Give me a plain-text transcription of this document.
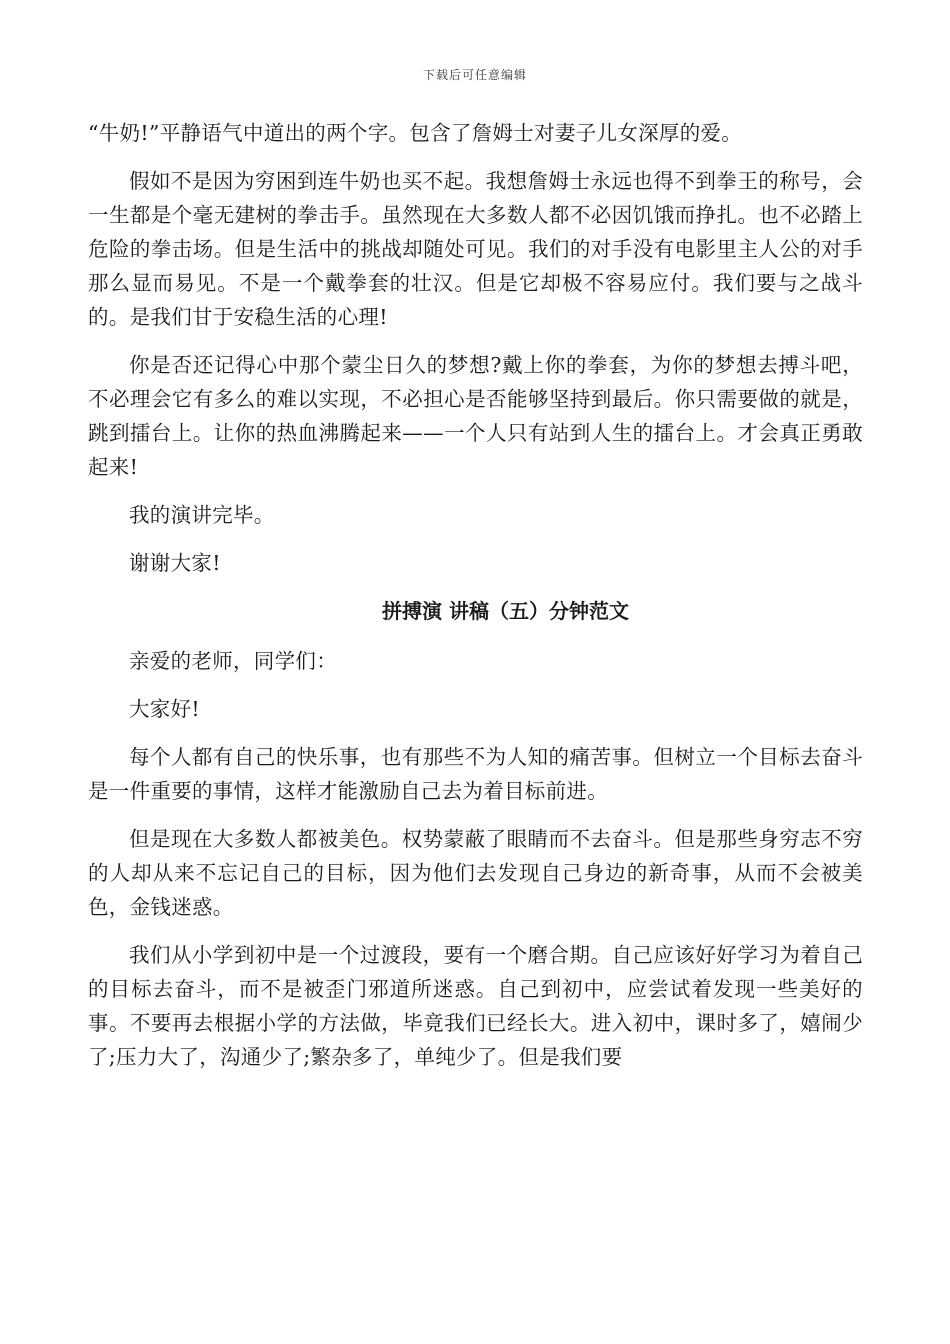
下载后可任意编辑

“牛奶!”平静语气中道出的两个字。包含了詹姆士对妻子儿女深厚的爱。

假如不是因为穷困到连牛奶也买不起。我想詹姆士永远也得不到拳王的称号，会一生都是个毫无建树的拳击手。虽然现在大多数人都不必因饥饿而挣扎。也不必踏上危险的拳击场。但是生活中的挑战却随处可见。我们的对手没有电影里主人公的对手那么显而易见。不是一个戴拳套的壮汉。但是它却极不容易应付。我们要与之战斗的。是我们甘于安稳生活的心理!

你是否还记得心中那个蒙尘日久的梦想?戴上你的拳套，为你的梦想去搏斗吧，不必理会它有多么的难以实现，不必担心是否能够坚持到最后。你只需要做的就是，跳到擂台上。让你的热血沸腾起来——一个人只有站到人生的擂台上。才会真正勇敢起来!

我的演讲完毕。

谢谢大家!

拼搏演 讲稿（五）分钟范文

亲爱的老师，同学们：

大家好!

每个人都有自己的快乐事，也有那些不为人知的痛苦事。但树立一个目标去奋斗是一件重要的事情，这样才能激励自己去为着目标前进。

但是现在大多数人都被美色。权势蒙蔽了眼睛而不去奋斗。但是那些身穷志不穷的人却从来不忘记自己的目标，因为他们去发现自己身边的新奇事，从而不会被美色，金钱迷惑。

我们从小学到初中是一个过渡段，要有一个磨合期。自己应该好好学习为着自己的目标去奋斗，而不是被歪门邪道所迷惑。自己到初中，应尝试着发现一些美好的事。不要再去根据小学的方法做，毕竟我们已经长大。进入初中，课时多了，嬉闹少了;压力大了，沟通少了;繁杂多了，单纯少了。但是我们要
